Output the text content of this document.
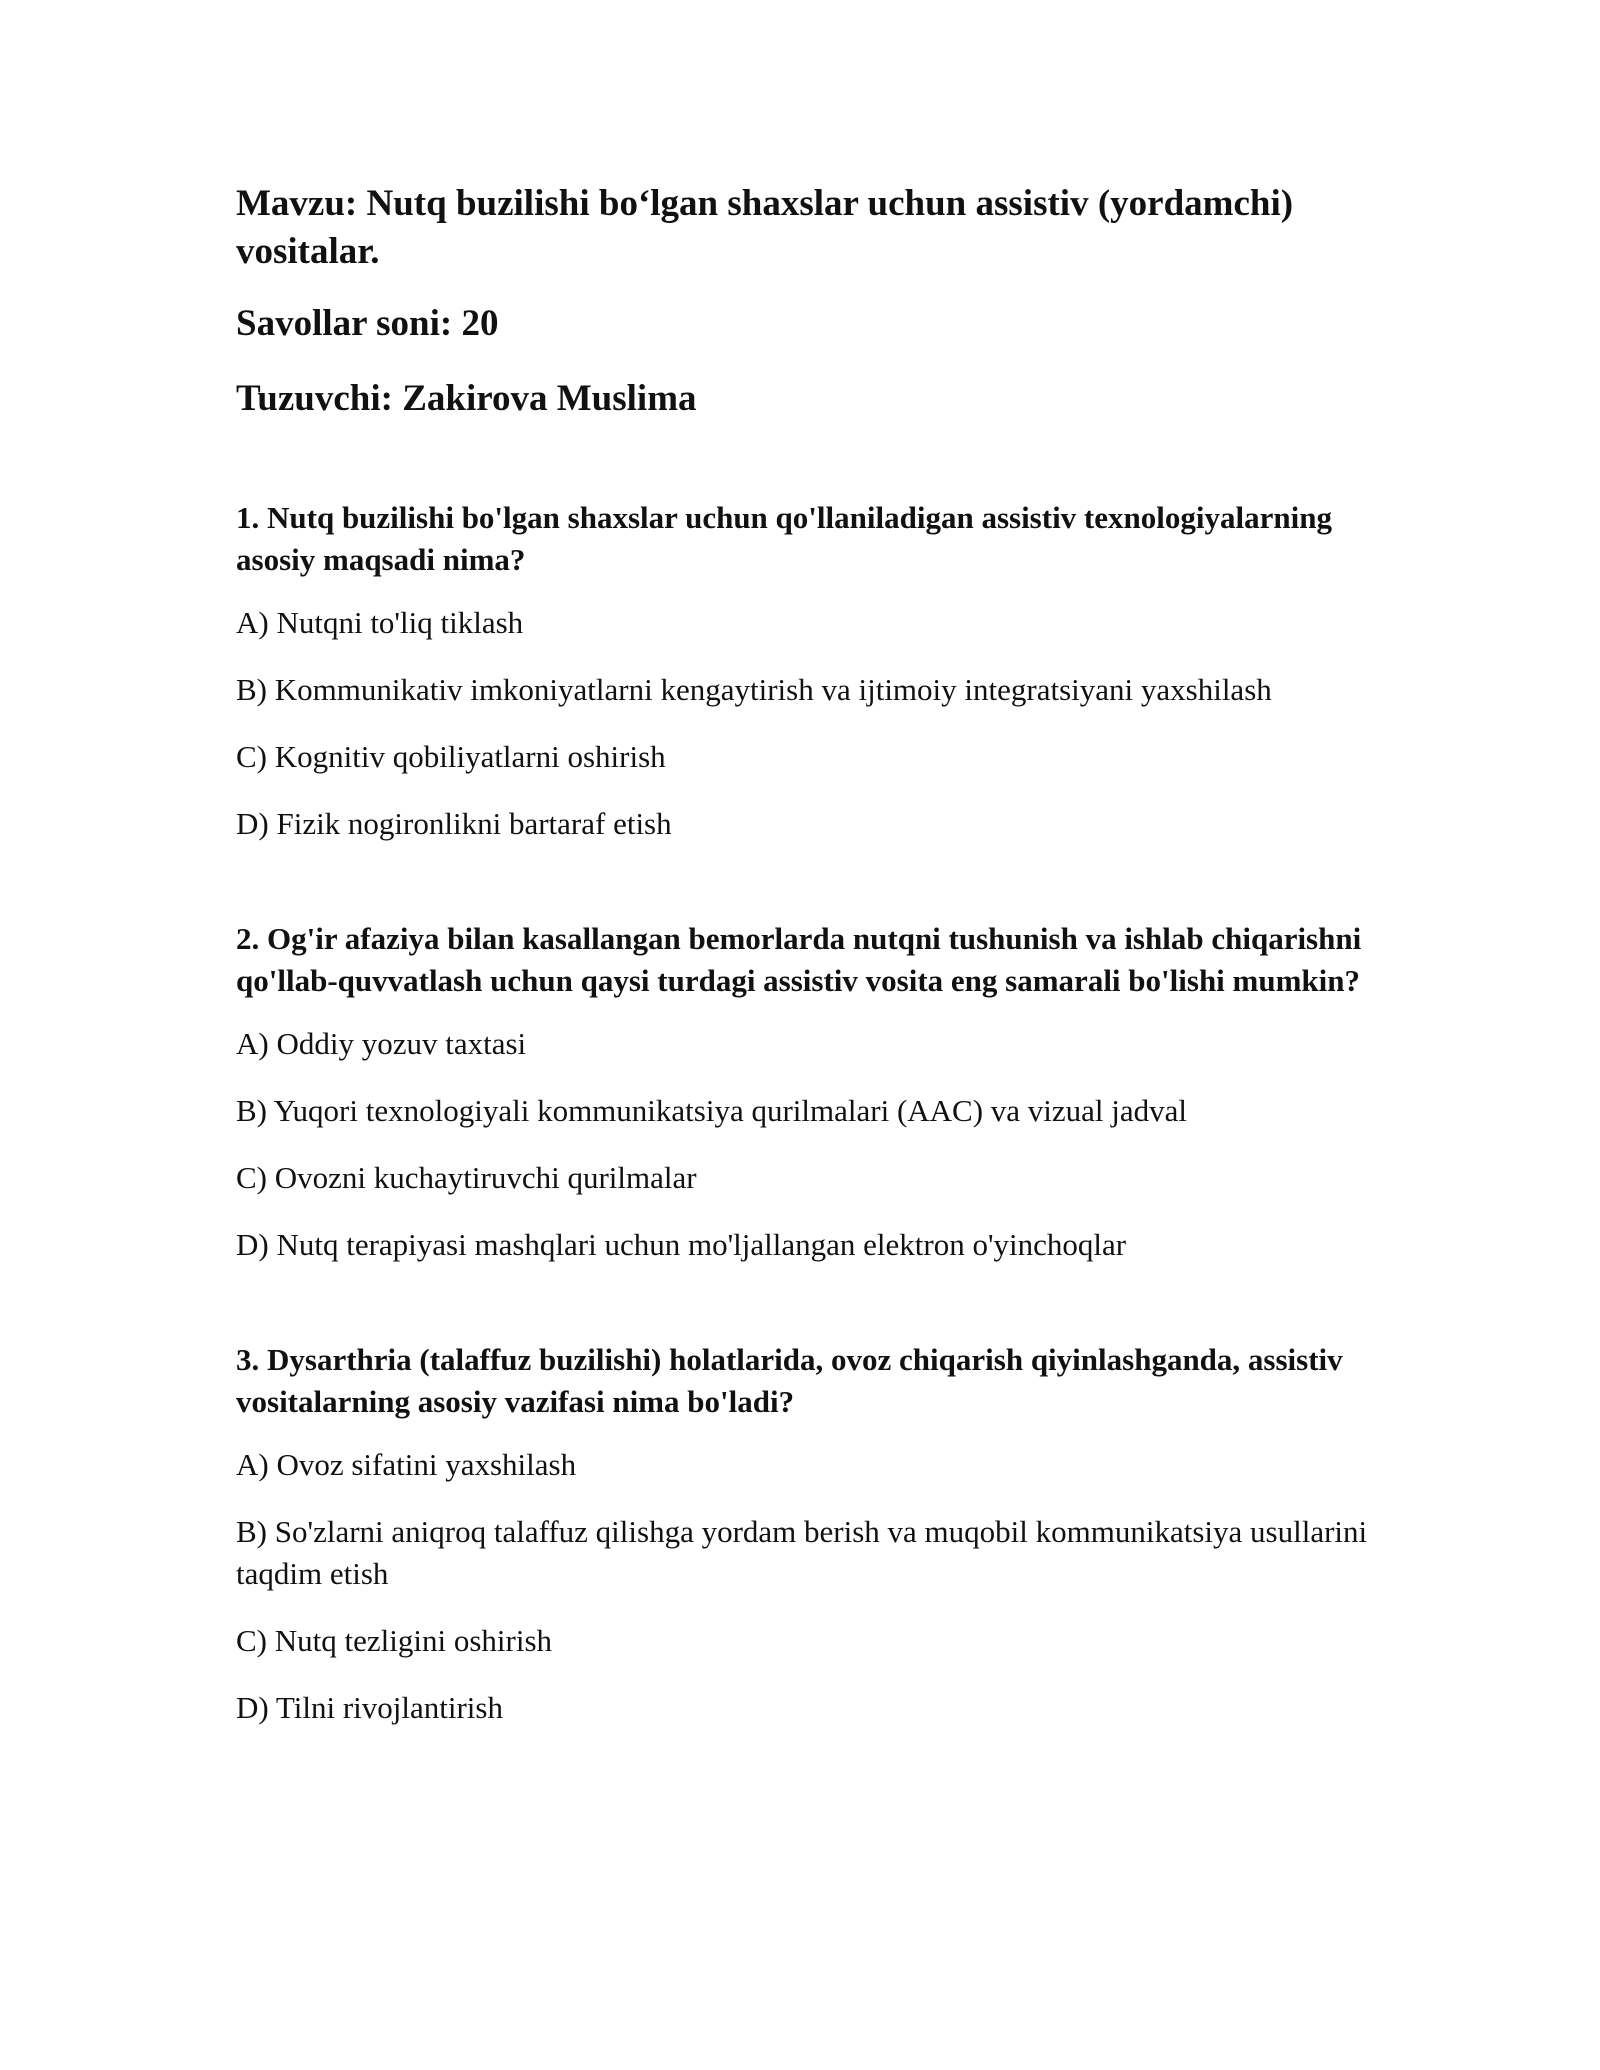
Mavzu: Nutq buzilishi bo‘lgan shaxslar uchun assistiv (yordamchi) vositalar.

Savollar soni: 20

Tuzuvchi: Zakirova Muslima

1. Nutq buzilishi bo'lgan shaxslar uchun qo'llaniladigan assistiv texnologiyalarning asosiy maqsadi nima?

A) Nutqni to'liq tiklash

B) Kommunikativ imkoniyatlarni kengaytirish va ijtimoiy integratsiyani yaxshilash

C) Kognitiv qobiliyatlarni oshirish

D) Fizik nogironlikni bartaraf etish

2. Og'ir afaziya bilan kasallangan bemorlarda nutqni tushunish va ishlab chiqarishni qo'llab-quvvatlash uchun qaysi turdagi assistiv vosita eng samarali bo'lishi mumkin?

A) Oddiy yozuv taxtasi

B) Yuqori texnologiyali kommunikatsiya qurilmalari (AAC) va vizual jadval

C) Ovozni kuchaytiruvchi qurilmalar

D) Nutq terapiyasi mashqlari uchun mo'ljallangan elektron o'yinchoqlar

3. Dysarthria (talaffuz buzilishi) holatlarida, ovoz chiqarish qiyinlashganda, assistiv vositalarning asosiy vazifasi nima bo'ladi?

A) Ovoz sifatini yaxshilash

B) So'zlarni aniqroq talaffuz qilishga yordam berish va muqobil kommunikatsiya usullarini taqdim etish

C) Nutq tezligini oshirish

D) Tilni rivojlantirish
